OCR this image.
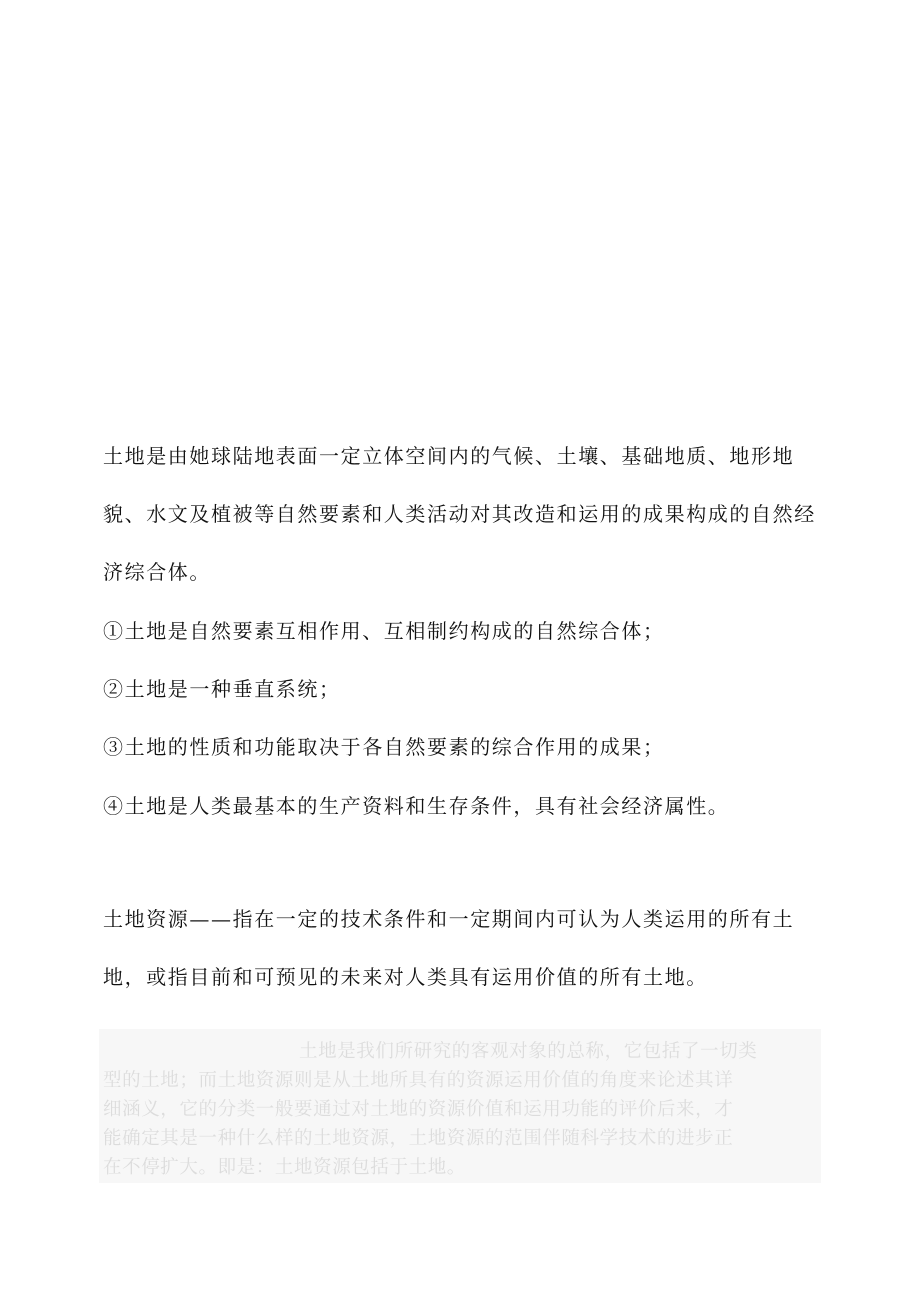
土地是由她球陆地表面一定立体空间内的气候、土壤、基础地质、地形地
貌、水文及植被等自然要素和人类活动对其改造和运用的成果构成的自然经
济综合体。

①土地是自然要素互相作用、互相制约构成的自然综合体；

②土地是一种垂直系统；

③土地的性质和功能取决于各自然要素的综合作用的成果；

④土地是人类最基本的生产资料和生存条件，具有社会经济属性。

土地资源——指在一定的技术条件和一定期间内可认为人类运用的所有土
地，或指目前和可预见的未来对人类具有运用价值的所有土地。
土地是我们所研究的客观对象的总称，它包括了一切类
型的土地；而土地资源则是从土地所具有的资源运用价值的角度来论述其详
细涵义，它的分类一般要通过对土地的资源价值和运用功能的评价后来，才
能确定其是一种什么样的土地资源，土地资源的范围伴随科学技术的进步正
在不停扩大。即是：土地资源包括于土地。
